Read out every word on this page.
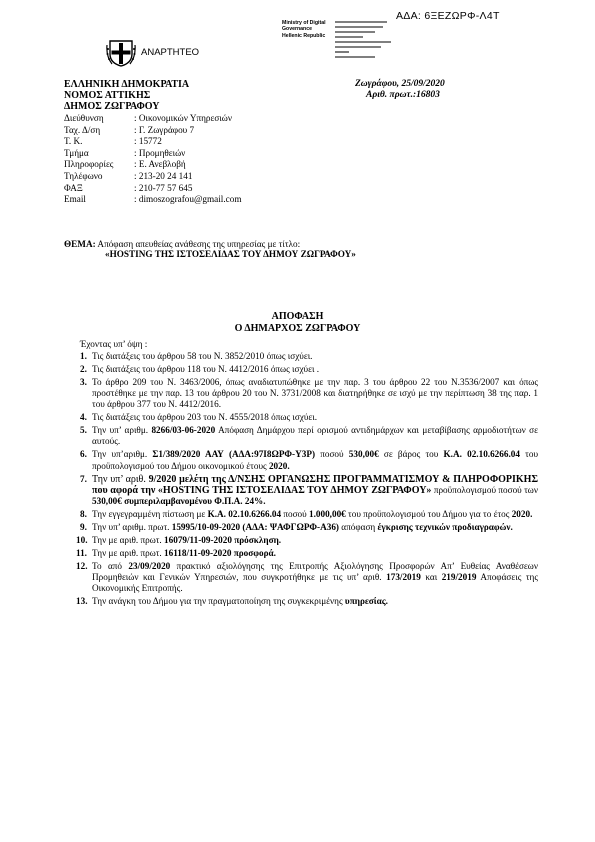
ΑΔΑ: 6ΞΕΖΩΡΦ-Λ4Τ
ΑΝΑΡΤΗΤΕΟ
Ministry of Digital
Governance
Hellenic Republic
ΕΛΛΗΝΙΚΗ ΔΗΜΟΚΡΑΤΙΑ
ΝΟΜΟΣ ΑΤΤΙΚΗΣ
ΔΗΜΟΣ ΖΩΓΡΑΦΟΥ
Ζωγράφου, 25/09/2020
Αριθ. πρωτ.:16803
Διεύθυνση	: Οικονομικών Υπηρεσιών
Ταχ. Δ/ση	: Γ. Ζωγράφου 7
Τ. Κ.	: 15772
Τμήμα	: Προμηθειών
Πληροφορίες	: Ε. Ανεβλοβή
Τηλέφωνο	: 213-20 24 141
ΦΑΞ	: 210-77 57 645
Email	: dimoszografou@gmail.com
ΘΕΜΑ: Απόφαση απευθείας ανάθεσης της υπηρεσίας με τίτλο:
«HOSTING ΤΗΣ ΙΣΤΟΣΕΛΙΔΑΣ ΤΟΥ ΔΗΜΟΥ ΖΩΓΡΑΦΟΥ»
ΑΠΟΦΑΣΗ
Ο ΔΗΜΑΡΧΟΣ ΖΩΓΡΑΦΟΥ
Έχοντας υπ’ όψη :
1. Τις διατάξεις του άρθρου 58 του Ν. 3852/2010 όπως ισχύει.
2. Τις διατάξεις του άρθρου 118 του Ν. 4412/2016 όπως ισχύει .
3. Το άρθρο 209 του Ν. 3463/2006, όπως αναδιατυπώθηκε με την παρ. 3 του άρθρου 22 του Ν.3536/2007 και όπως προστέθηκε με την παρ. 13 του άρθρου 20 του Ν. 3731/2008 και διατηρήθηκε σε ισχύ με την περίπτωση 38 της παρ. 1 του άρθρου 377 του Ν. 4412/2016.
4. Τις διατάξεις του άρθρου 203 του Ν. 4555/2018 όπως ισχύει.
5. Την υπ’ αριθμ. 8266/03-06-2020 Απόφαση Δημάρχου περί ορισμού αντιδημάρχων και μεταβίβασης αρμοδιοτήτων σε αυτούς.
6. Την υπ’αριθμ. Σ1/389/2020 ΑΑΥ (ΑΔΑ:97Ι8ΩΡΦ-Υ3Ρ) ποσού 530,00€ σε βάρος του Κ.Α. 02.10.6266.04 του προϋπολογισμού του Δήμου οικονομικού έτους 2020.
7. Την υπ’ αριθ. 9/2020 μελέτη της Δ/ΝΣΗΣ ΟΡΓΑΝΩΣΗΣ ΠΡΟΓΡΑΜΜΑΤΙΣΜΟΥ & ΠΛΗΡΟΦΟΡΙΚΗΣ που αφορά την «HOSTING ΤΗΣ ΙΣΤΟΣΕΛΙΔΑΣ ΤΟΥ ΔΗΜΟΥ ΖΩΓΡΑΦΟΥ» προϋπολογισμού ποσού των 530,00€ συμπεριλαμβανομένου Φ.Π.Α. 24%.
8. Την εγγεγραμμένη πίστωση με Κ.Α. 02.10.6266.04 ποσού 1.000,00€ του προϋπολογισμού του Δήμου για το έτος 2020.
9. Την υπ’ αριθμ. πρωτ. 15995/10-09-2020 (ΑΔΑ: ΨΑΦΓΩΡΦ-Α36) απόφαση έγκρισης τεχνικών προδιαγραφών.
10. Την με αριθ. πρωτ. 16079/11-09-2020 πρόσκληση.
11. Την με αριθ. πρωτ. 16118/11-09-2020 προσφορά.
12. Το από 23/09/2020 πρακτικό αξιολόγησης της Επιτροπής Αξιολόγησης Προσφορών Απ’ Ευθείας Αναθέσεων Προμηθειών και Γενικών Υπηρεσιών, που συγκροτήθηκε με τις υπ’ αριθ. 173/2019 και 219/2019 Αποφάσεις της Οικονομικής Επιτροπής.
13. Την ανάγκη του Δήμου για την πραγματοποίηση της συγκεκριμένης υπηρεσίας.
